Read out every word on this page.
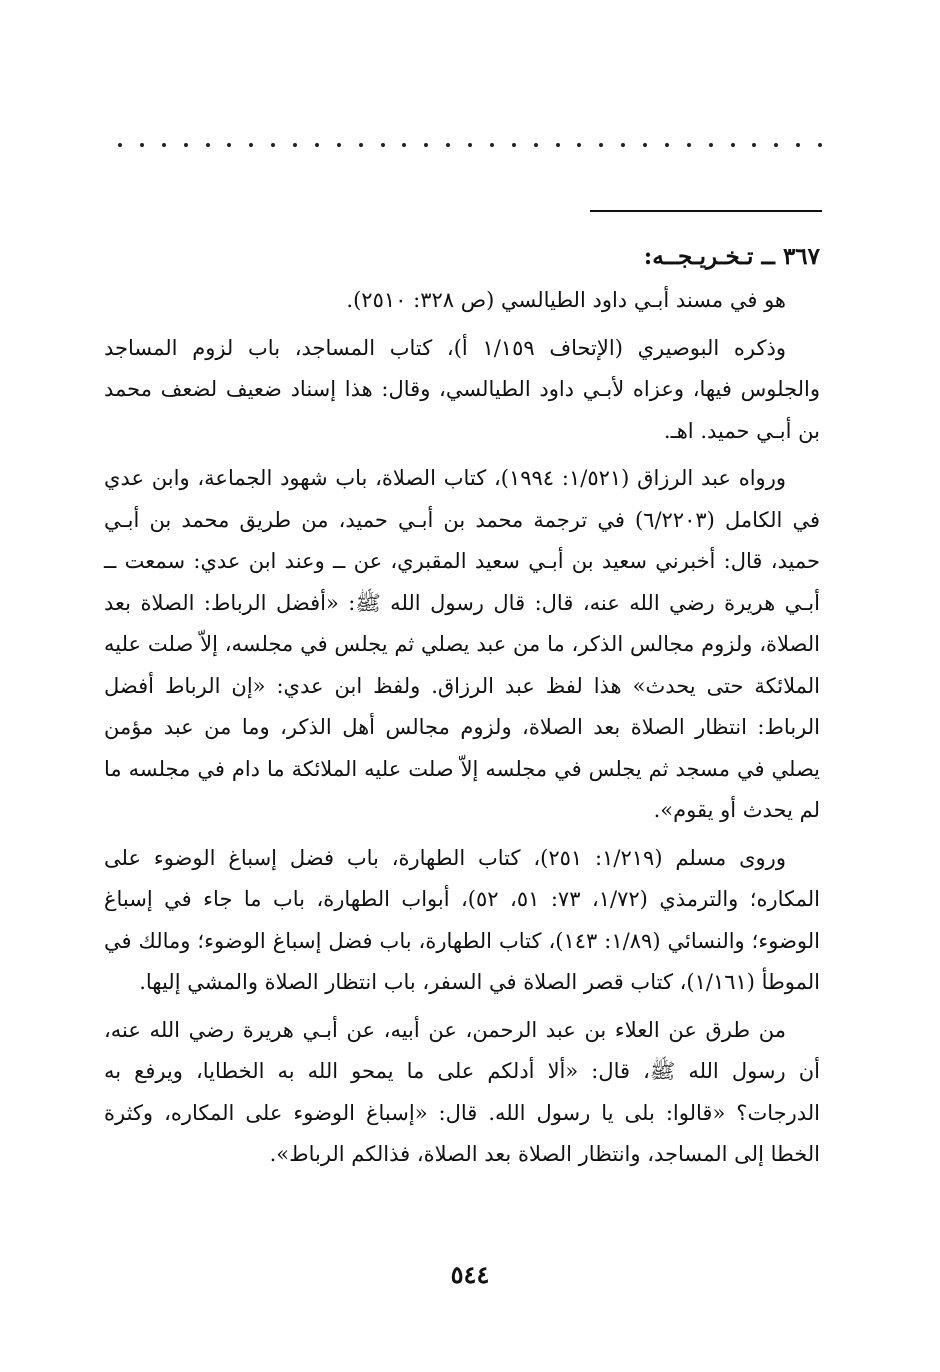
٣٦٧ ــ تـخـريـجــه:

هو في مسند أبـي داود الطيالسي (ص ٣٢٨: ٢٥١٠).

وذكره البوصيري (الإتحاف ١/١٥٩ أ)، كتاب المساجد، باب لزوم المساجد والجلوس فيها، وعزاه لأبـي داود الطيالسي، وقال: هذا إسناد ضعيف لضعف محمد بن أبـي حميد. اهـ.

ورواه عبد الرزاق (١/٥٢١: ١٩٩٤)، كتاب الصلاة، باب شهود الجماعة، وابن عدي في الكامل (٦/٢٢٠٣) في ترجمة محمد بن أبـي حميد، من طريق محمد بن أبـي حميد، قال: أخبرني سعيد بن أبـي سعيد المقبري، عن ــ وعند ابن عدي: سمعت ــ أبـي هريرة رضي الله عنه، قال: قال رسول الله ﷺ: «أفضل الرباط: الصلاة بعد الصلاة، ولزوم مجالس الذكر، ما من عبد يصلي ثم يجلس في مجلسه، إلاّ صلت عليه الملائكة حتى يحدث» هذا لفظ عبد الرزاق. ولفظ ابن عدي: «إن الرباط أفضل الرباط: انتظار الصلاة بعد الصلاة، ولزوم مجالس أهل الذكر، وما من عبد مؤمن يصلي في مسجد ثم يجلس في مجلسه إلاّ صلت عليه الملائكة ما دام في مجلسه ما لم يحدث أو يقوم».

وروى مسلم (١/٢١٩: ٢٥١)، كتاب الطهارة، باب فضل إسباغ الوضوء على المكاره؛ والترمذي (١/٧٢، ٧٣: ٥١، ٥٢)، أبواب الطهارة، باب ما جاء في إسباغ الوضوء؛ والنسائي (١/٨٩: ١٤٣)، كتاب الطهارة، باب فضل إسباغ الوضوء؛ ومالك في الموطأ (١/١٦١)، كتاب قصر الصلاة في السفر، باب انتظار الصلاة والمشي إليها.

من طرق عن العلاء بن عبد الرحمن، عن أبيه، عن أبـي هريرة رضي الله عنه، أن رسول الله ﷺ، قال: «ألا أدلكم على ما يمحو الله به الخطايا، ويرفع به الدرجات؟ «قالوا: بلى يا رسول الله. قال: «إسباغ الوضوء على المكاره، وكثرة الخطا إلى المساجد، وانتظار الصلاة بعد الصلاة، فذالكم الرباط».

٥٤٤
